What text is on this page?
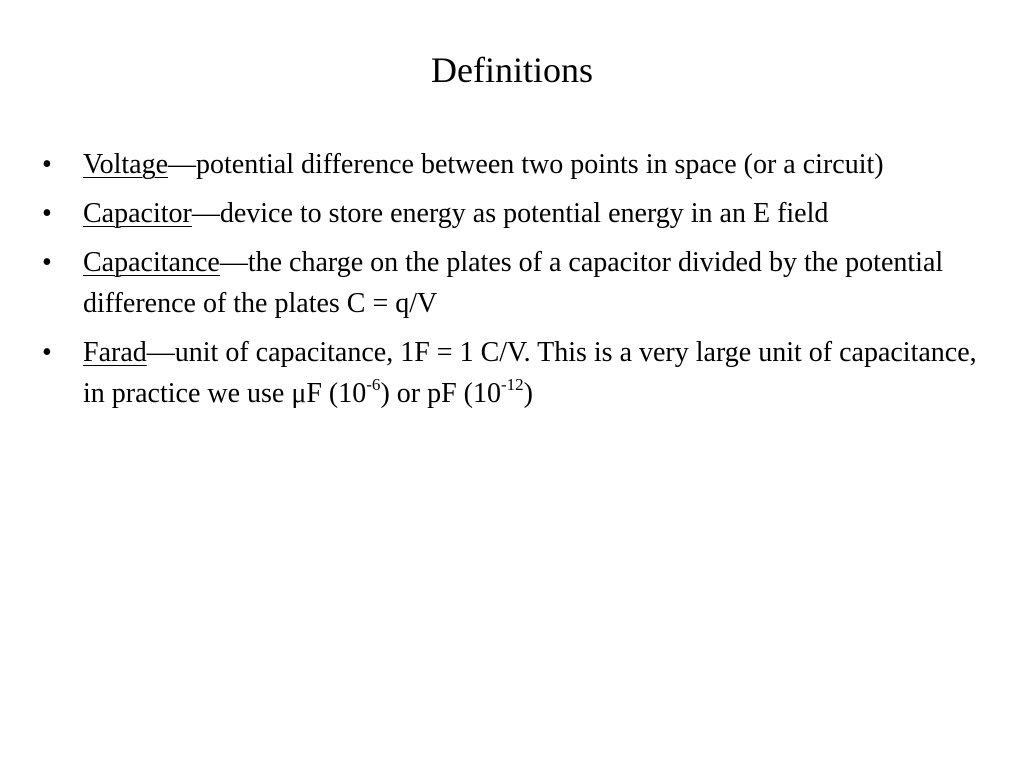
Definitions
•	Voltage—potential difference between two points in space (or a circuit)
•	Capacitor—device to store energy as potential energy in an E field
•	Capacitance—the charge on the plates of a capacitor divided by the potential difference of the plates C = q/V
•	Farad—unit of capacitance, 1F = 1 C/V. This is a very large unit of capacitance, in practice we use μF $(10^{-6})$ or pF $(10^{-12})$
